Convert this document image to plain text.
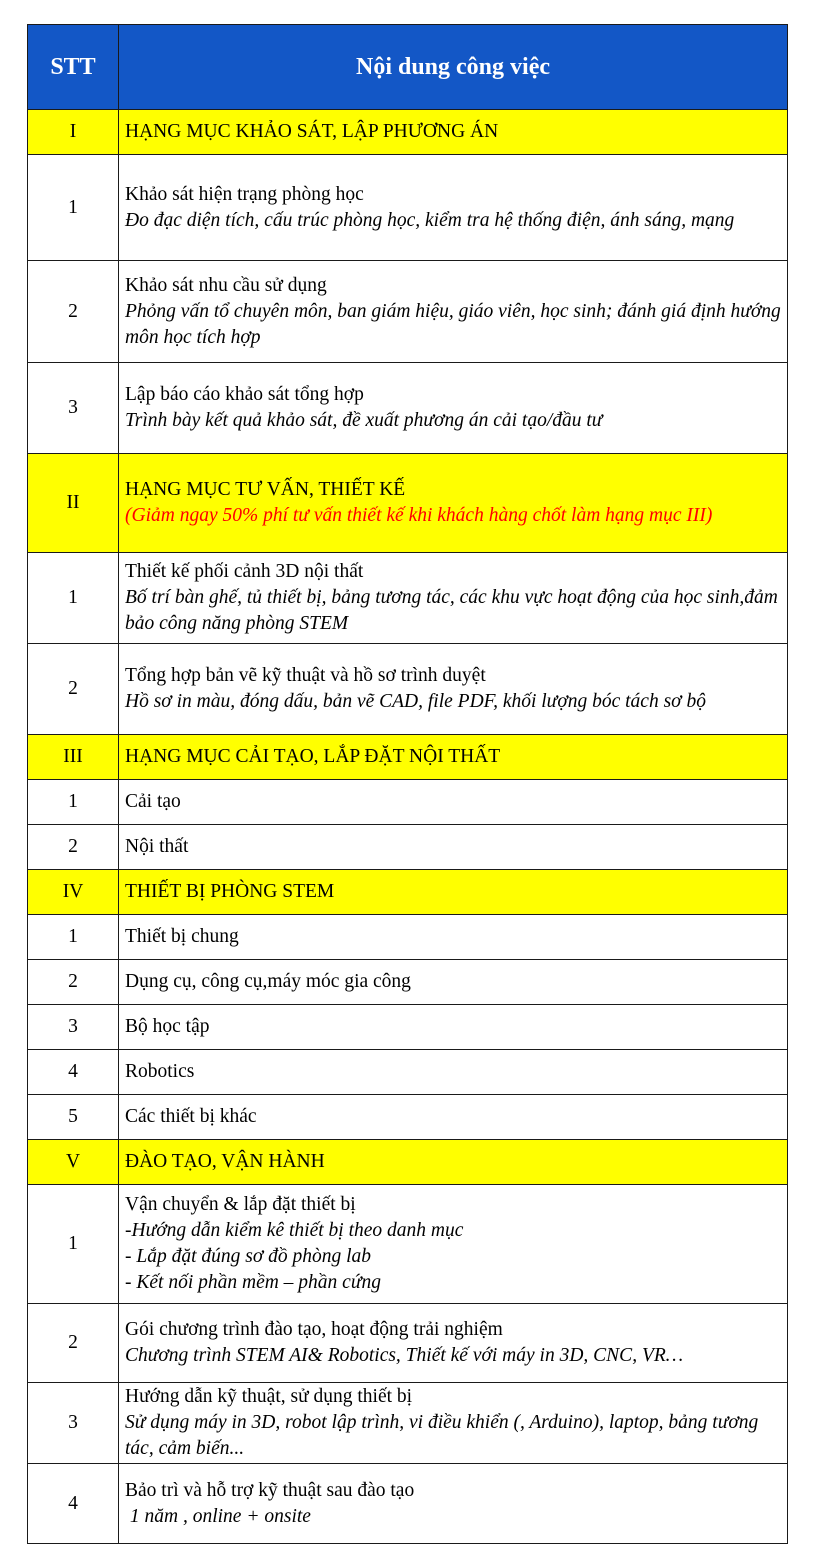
STT	Nội dung công việc
I	HẠNG MỤC KHẢO SÁT, LẬP PHƯƠNG ÁN
1	Khảo sát hiện trạng phòng học
Đo đạc diện tích, cấu trúc phòng học, kiểm tra hệ thống điện, ánh sáng, mạng

2	Khảo sát nhu cầu sử dụng
Phỏng vấn tổ chuyên môn, ban giám hiệu, giáo viên, học sinh; đánh giá định hướng môn học tích hợp

3	Lập báo cáo khảo sát tổng hợp
Trình bày kết quả khảo sát, đề xuất phương án cải tạo/đầu tư

II	HẠNG MỤC TƯ VẤN, THIẾT KẾ
(Giảm ngay 50% phí tư vấn thiết kế khi khách hàng chốt làm hạng mục III)

1	Thiết kế phối cảnh 3D nội thất
Bố trí bàn ghế, tủ thiết bị, bảng tương tác, các khu vực hoạt động của học sinh,đảm bảo công năng phòng STEM

2	Tổng hợp bản vẽ kỹ thuật và hồ sơ trình duyệt
Hồ sơ in màu, đóng dấu, bản vẽ CAD, file PDF, khối lượng bóc tách sơ bộ

III	HẠNG MỤC CẢI TẠO, LẮP ĐẶT NỘI THẤT
1	Cải tạo
2	Nội thất
IV	THIẾT BỊ PHÒNG STEM
1	Thiết bị chung
2	Dụng cụ, công cụ,máy móc gia công
3	Bộ học tập
4	Robotics
5	Các thiết bị khác
V	ĐÀO TẠO, VẬN HÀNH
1	Vận chuyển & lắp đặt thiết bị
-Hướng dẫn kiểm kê thiết bị theo danh mục
- Lắp đặt đúng sơ đồ phòng lab
- Kết nối phần mềm – phần cứng

2	Gói chương trình đào tạo, hoạt động trải nghiệm
Chương trình STEM AI& Robotics, Thiết kế với máy in 3D, CNC, VR…

3	Hướng dẫn kỹ thuật, sử dụng thiết bị
Sử dụng máy in 3D, robot lập trình, vi điều khiển (, Arduino), laptop, bảng tương tác, cảm biến...

4	Bảo trì và hỗ trợ kỹ thuật sau đào tạo
1 năm , online + onsite
